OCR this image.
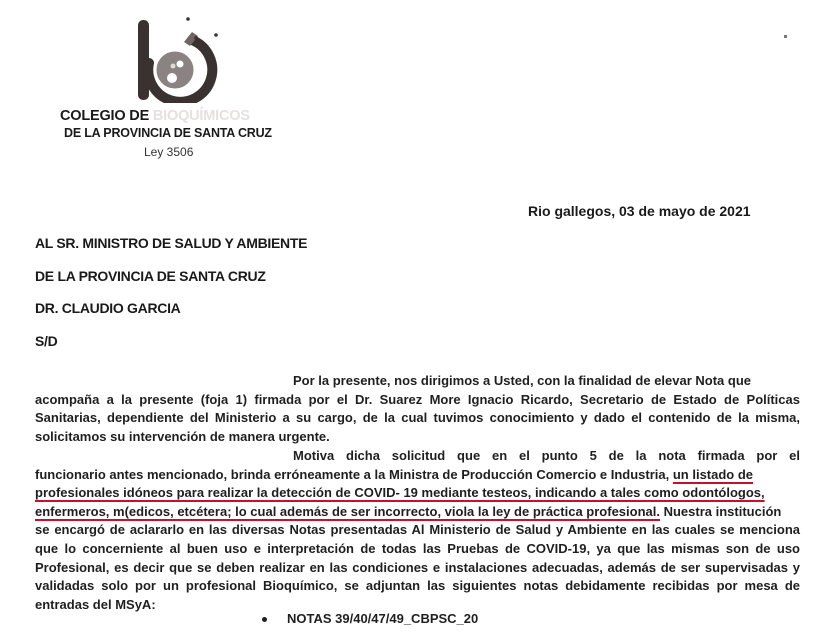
COLEGIO DE BIOQUÍMICOS
DE LA PROVINCIA DE SANTA CRUZ
Ley 3506
Rio gallegos, 03 de mayo de 2021
AL SR. MINISTRO DE SALUD Y AMBIENTE
DE LA PROVINCIA DE SANTA CRUZ
DR. CLAUDIO GARCIA
S/D
Por la presente, nos dirigimos a Usted, con la finalidad de elevar Nota que
acompaña a la presente (foja 1) firmada por el Dr. Suarez More Ignacio Ricardo, Secretario de Estado de Políticas
Sanitarias, dependiente del Ministerio a su cargo, de la cual tuvimos conocimiento y dado el contenido de la misma,
solicitamos su intervención de manera urgente.
Motiva dicha solicitud que en el punto 5 de la nota firmada por el
funcionario antes mencionado, brinda erróneamente a la Ministra de Producción Comercio e Industria, un listado de
profesionales idóneos para realizar la detección de COVID- 19 mediante testeos, indicando a tales como odontólogos,
enfermeros, m(edicos, etcétera; lo cual además de ser incorrecto, viola la ley de práctica profesional. Nuestra institución
se encargó de aclararlo en las diversas Notas presentadas Al Ministerio de Salud y Ambiente en las cuales se menciona
que lo concerniente al buen uso e interpretación de todas las Pruebas de COVID-19, ya que las mismas son de uso
Profesional, es decir que se deben realizar en las condiciones e instalaciones adecuadas, además de ser supervisadas y
validadas solo por un profesional Bioquímico, se adjuntan las siguientes notas debidamente recibidas por mesa de
entradas del MSyA:
NOTAS 39/40/47/49_CBPSC_20
